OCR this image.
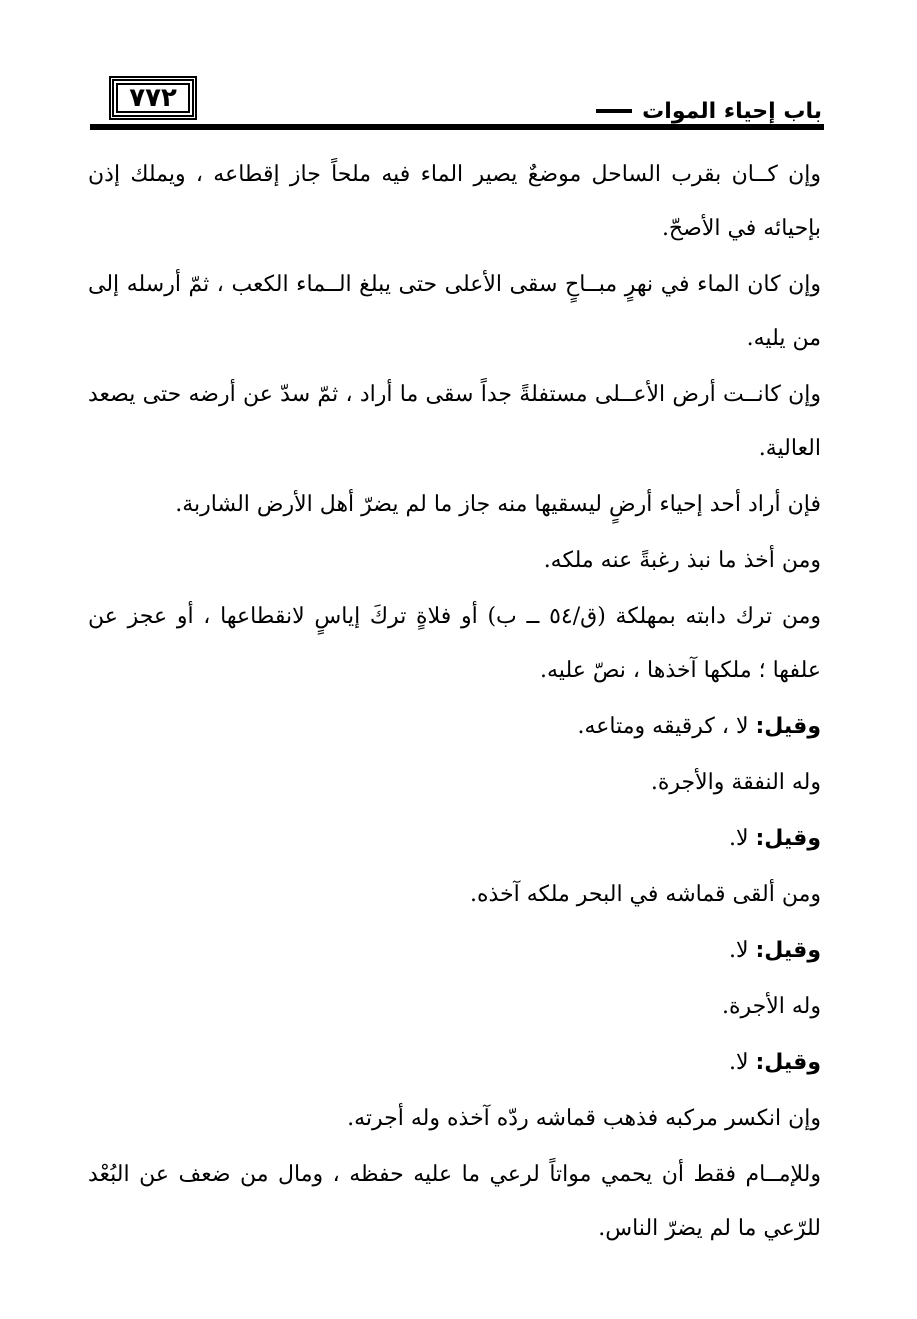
٧٧٢	باب إحياء الموات

وإن كــان بقرب الساحل موضعٌ يصير الماء فيه ملحاً جاز إقطاعه ، ويملك إذن بإحيائه في الأصحّ.

وإن كان الماء في نهرٍ مبــاحٍ سقى الأعلى حتى يبلغ الــماء الكعب ، ثمّ أرسله إلى من يليه.

وإن كانــت أرض الأعــلى مستفلةً جداً سقى ما أراد ، ثمّ سدّ عن أرضه حتى يصعد العالية.

فإن أراد أحد إحياء أرضٍ ليسقيها منه جاز ما لم يضرّ أهل الأرض الشاربة.

ومن أخذ ما نبذ رغبةً عنه ملكه.

ومن ترك دابته بمهلكة (ق/٥٤ ــ ب) أو فلاةٍ تركَ إياسٍ لانقطاعها ، أو عجز عن علفها ؛ ملكها آخذها ، نصّ عليه.

وقيل: لا ، كرقيقه ومتاعه.

وله النفقة والأجرة.

وقيل: لا.

ومن ألقى قماشه في البحر ملكه آخذه.

وقيل: لا.

وله الأجرة.

وقيل: لا.

وإن انكسر مركبه فذهب قماشه ردّه آخذه وله أجرته.

وللإمــام فقط أن يحمي مواتاً لرعي ما عليه حفظه ، ومال من ضعف عن البُعْد للرّعي ما لم يضرّ الناس.
